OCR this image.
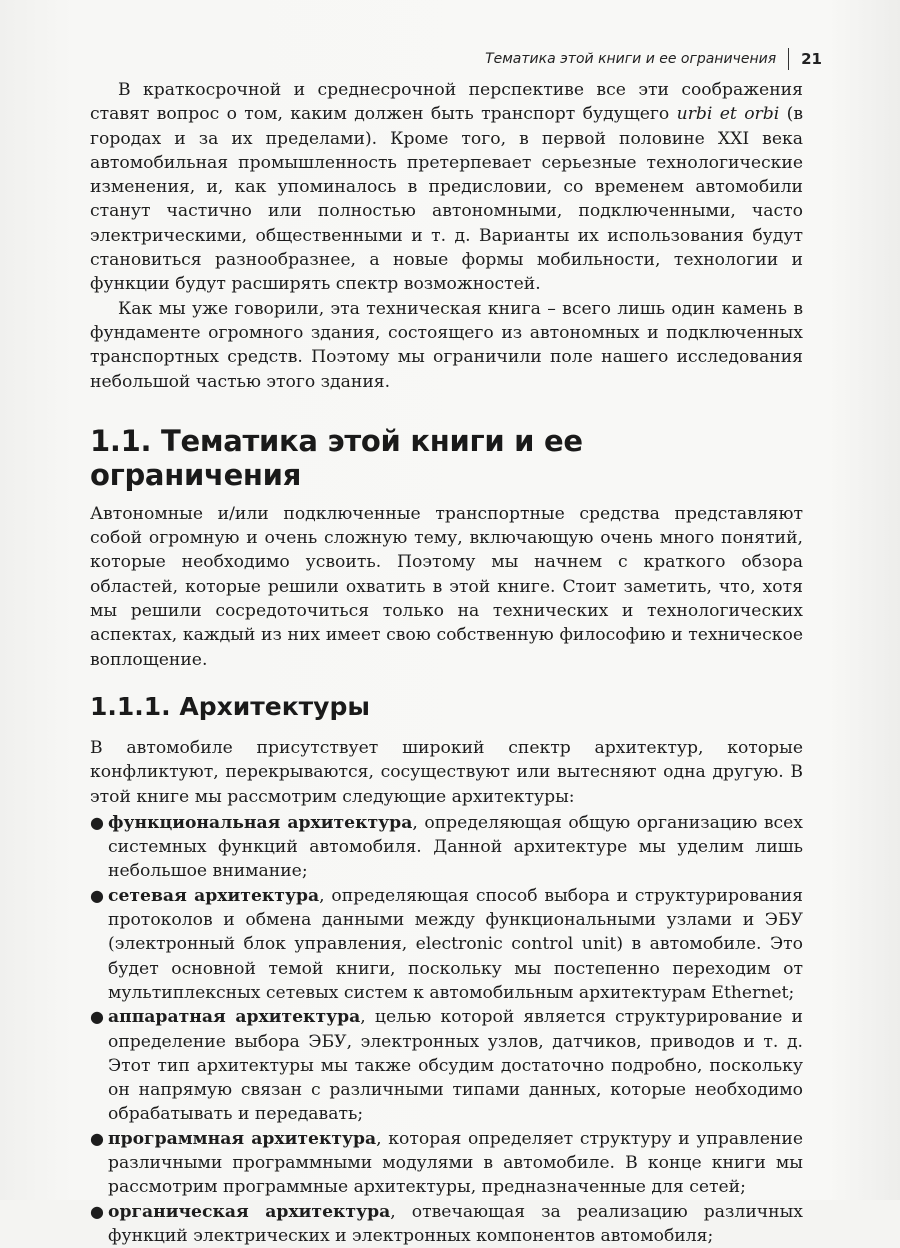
Тематика этой книги и ее ограничения 21

В краткосрочной и среднесрочной перспективе все эти соображения ставят вопрос о том, каким должен быть транспорт будущего urbi et orbi (в городах и за их пределами). Кроме того, в первой половине XXI века автомобильная промышленность претерпевает серьезные технологические изменения, и, как упоминалось в предисловии, со временем автомобили станут частично или полностью автономными, подключенными, часто электрическими, общественными и т. д. Варианты их использования будут становиться разнообразнее, а новые формы мобильности, технологии и функции будут расширять спектр возможностей.

Как мы уже говорили, эта техническая книга – всего лишь один камень в фундаменте огромного здания, состоящего из автономных и подключенных транспортных средств. Поэтому мы ограничили поле нашего исследования небольшой частью этого здания.

1.1. Тематика этой книги и ее ограничения

Автономные и/или подключенные транспортные средства представляют собой огромную и очень сложную тему, включающую очень много понятий, которые необходимо усвоить. Поэтому мы начнем с краткого обзора областей, которые решили охватить в этой книге. Стоит заметить, что, хотя мы решили сосредоточиться только на технических и технологических аспектах, каждый из них имеет свою собственную философию и техническое воплощение.

1.1.1. Архитектуры

В автомобиле присутствует широкий спектр архитектур, которые конфликтуют, перекрываются, сосуществуют или вытесняют одна другую. В этой книге мы рассмотрим следующие архитектуры:

● функциональная архитектура, определяющая общую организацию всех системных функций автомобиля. Данной архитектуре мы уделим лишь небольшое внимание;
● сетевая архитектура, определяющая способ выбора и структурирования протоколов и обмена данными между функциональными узлами и ЭБУ (электронный блок управления, electronic control unit) в автомобиле. Это будет основной темой книги, поскольку мы постепенно переходим от мультиплексных сетевых систем к автомобильным архитектурам Ethernet;
● аппаратная архитектура, целью которой является структурирование и определение выбора ЭБУ, электронных узлов, датчиков, приводов и т. д. Этот тип архитектуры мы также обсудим достаточно подробно, поскольку он напрямую связан с различными типами данных, которые необходимо обрабатывать и передавать;
● программная архитектура, которая определяет структуру и управление различными программными модулями в автомобиле. В конце книги мы рассмотрим программные архитектуры, предназначенные для сетей;
● органическая архитектура, отвечающая за реализацию различных функций электрических и электронных компонентов автомобиля;
